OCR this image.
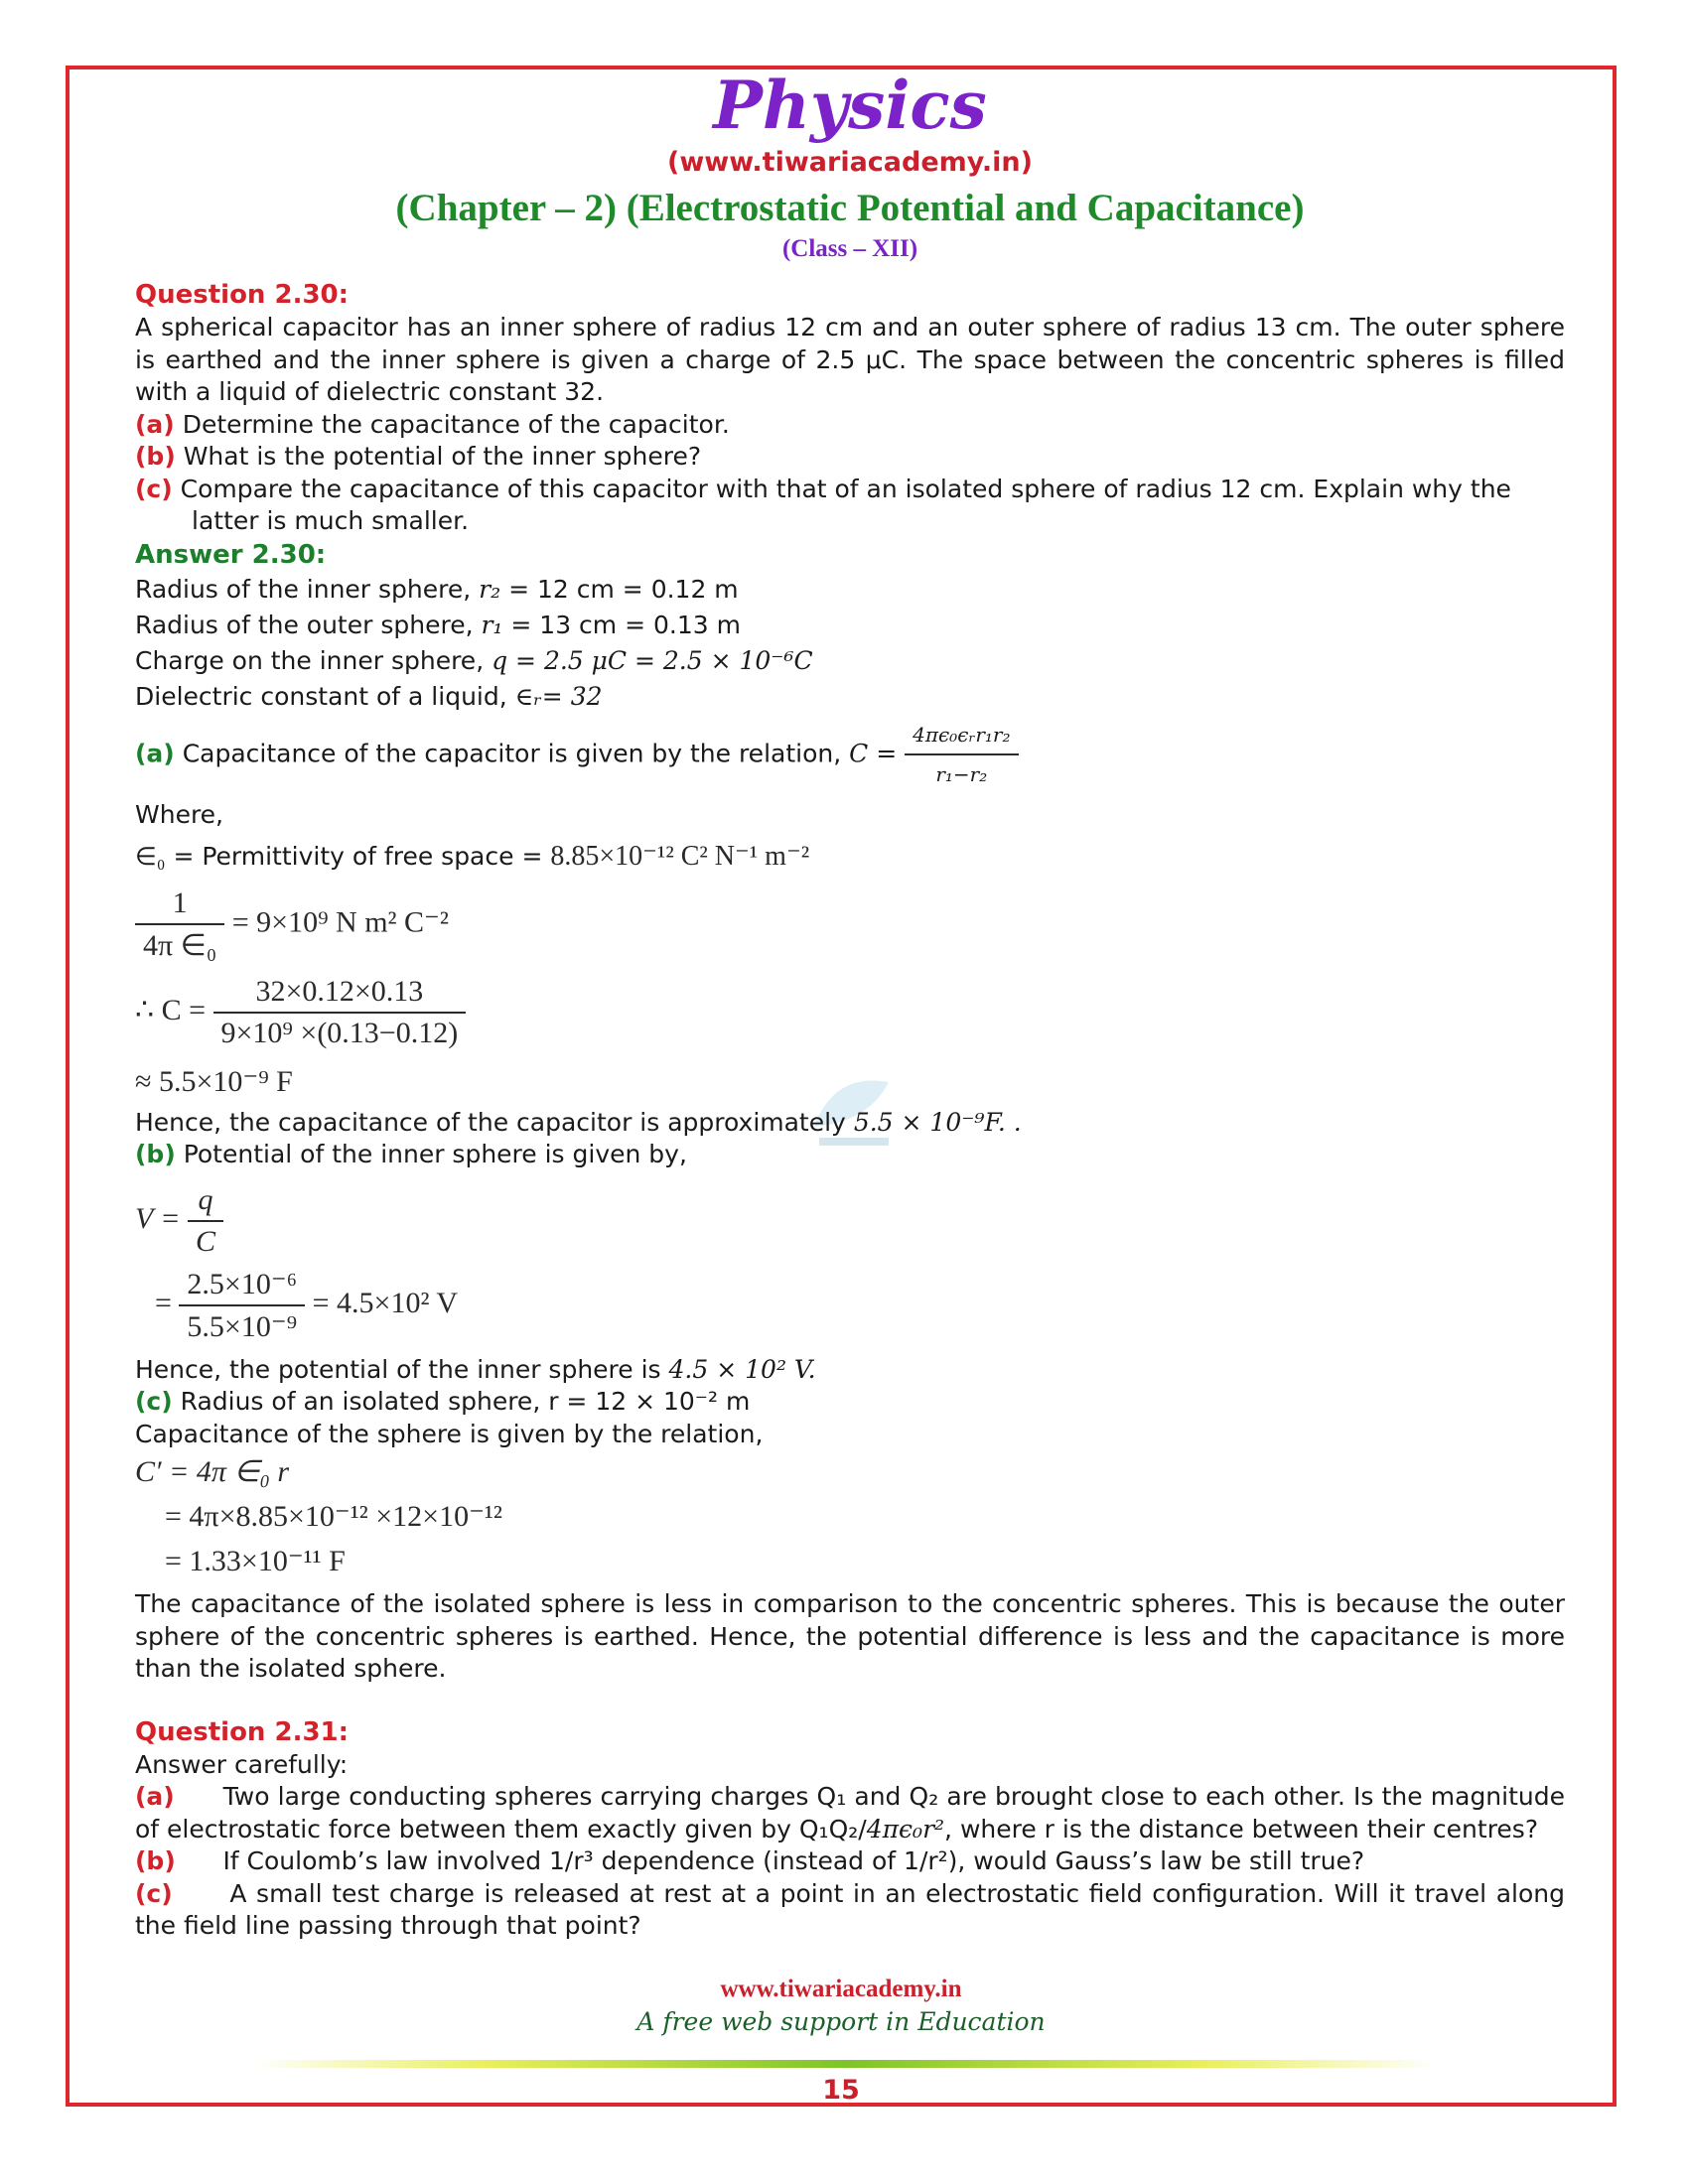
Physics
(www.tiwariacademy.in)
(Chapter – 2) (Electrostatic Potential and Capacitance)
(Class – XII)
Question 2.30:

A spherical capacitor has an inner sphere of radius 12 cm and an outer sphere of radius 13 cm. The outer sphere is earthed and the inner sphere is given a charge of 2.5 μC. The space between the concentric spheres is filled with a liquid of dielectric constant 32.

(a) Determine the capacitance of the capacitor.

(b) What is the potential of the inner sphere?

(c) Compare the capacitance of this capacitor with that of an isolated sphere of radius 12 cm. Explain why the latter is much smaller.

Answer 2.30:

Radius of the inner sphere, r₂ = 12 cm = 0.12 m

Radius of the outer sphere, r₁ = 13 cm = 0.13 m

Charge on the inner sphere, q = 2.5 μC = 2.5 × 10⁻⁶C

Dielectric constant of a liquid, ∈ᵣ= 32

(a) Capacitance of the capacitor is given by the relation, $C = \frac{\text{4πϵ₀ϵᵣr₁r₂}}{\text{r₁−r₂}}$

Where,

∈₀ = Permittivity of free space = 8.85×10⁻¹² C² N⁻¹ m⁻²

$\frac{1}{\text{4π ∈₀}} = 9\times 10^9$ N m² C⁻²
∴ $C = \frac{32\times 0.12\times 0.13}{\text{9×10⁹ ×(0.13−0.12)}}$
≈ 5.5×10⁻⁹ F

Hence, the capacitance of the capacitor is approximately 5.5 × 10⁻⁹F. .

(b) Potential of the inner sphere is given by,

$V = \frac{q}{C}$
= $\frac{\text{2.5×10⁻⁶}}{\text{5.5×10⁻⁹}} = 4.5\times 10^2$ V

Hence, the potential of the inner sphere is 4.5 × 10² V.

(c) Radius of an isolated sphere, r = 12 × 10⁻² m

Capacitance of the sphere is given by the relation,

C′ = 4π ∈₀ r
= 4π×8.85×10⁻¹² ×12×10⁻¹²
= 1.33×10⁻¹¹ F

The capacitance of the isolated sphere is less in comparison to the concentric spheres. This is because the outer sphere of the concentric spheres is earthed. Hence, the potential difference is less and the capacitance is more than the isolated sphere.

Question 2.31:

Answer carefully:

(a) Two large conducting spheres carrying charges Q₁ and Q₂ are brought close to each other. Is the magnitude of electrostatic force between them exactly given by Q₁Q₂/4πϵ₀r², where r is the distance between their centres?

(b) If Coulomb’s law involved 1/r³ dependence (instead of 1/r²), would Gauss’s law be still true?

(c) A small test charge is released at rest at a point in an electrostatic field configuration. Will it travel along the field line passing through that point?

www.tiwariacademy.in
A free web support in Education
15
